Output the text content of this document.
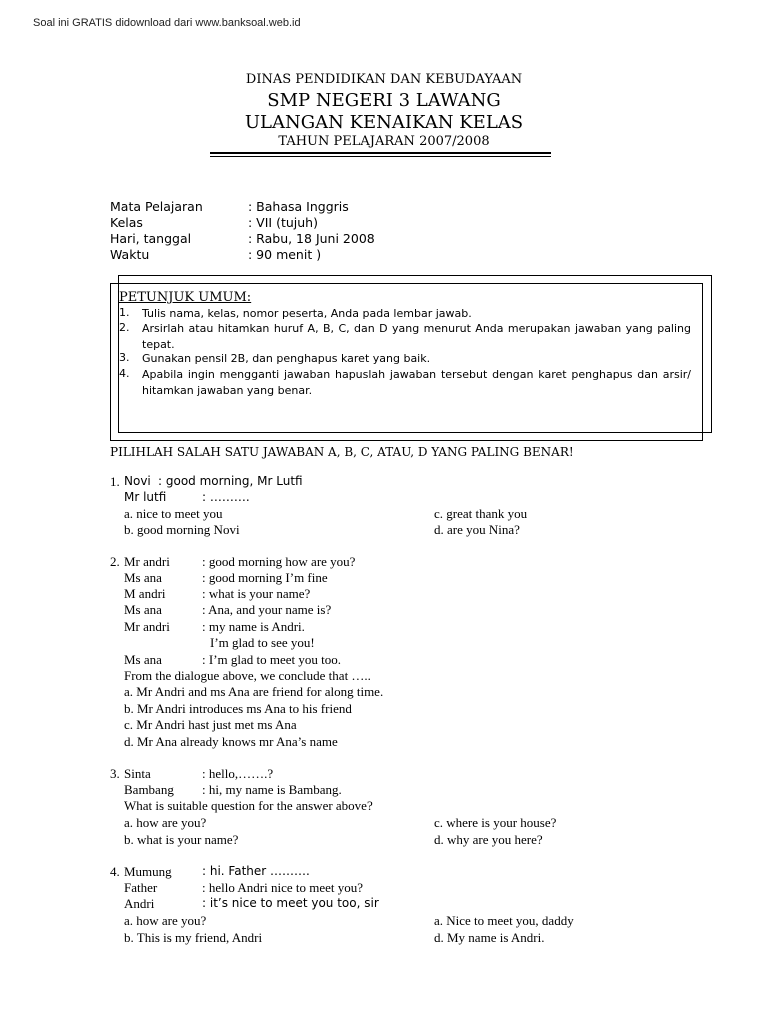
Soal ini GRATIS didownload dari www.banksoal.web.id
DINAS PENDIDIKAN DAN KEBUDAYAAN
SMP NEGERI 3 LAWANG
ULANGAN KENAIKAN KELAS
TAHUN PELAJARAN 2007/2008
Mata Pelajaran	: Bahasa Inggris
Kelas	: VII (tujuh)
Hari, tanggal	: Rabu, 18 Juni 2008
Waktu	: 90 menit )
PETUNJUK UMUM:
1. Tulis nama, kelas, nomor peserta, Anda pada lembar jawab.
2. Arsirlah atau hitamkan huruf A, B, C, dan D yang menurut Anda merupakan jawaban yang paling tepat.
3. Gunakan pensil 2B, dan penghapus karet yang baik.
4. Apabila ingin mengganti jawaban hapuslah jawaban tersebut dengan karet penghapus dan arsir/ hitamkan jawaban yang benar.
PILIHLAH SALAH SATU JAWABAN A, B, C, ATAU, D YANG PALING BENAR!
1. Novi : good morning, Mr Lutfi
Mr lutfi	: ……….
a. nice to meet you
b. good morning Novi
c. great thank you
d. are you Nina?
2. Mr andri : good morning how are you?
Ms ana	: good morning I’m fine
M andri	: what is your name?
Ms ana	: Ana, and your name is?
Mr andri : my name is Andri.
I’m glad to see you!
Ms ana	: I’m glad to meet you too.
From the dialogue above, we conclude that …..
a. Mr Andri and ms Ana are friend for along time.
b. Mr Andri introduces ms Ana to his friend
c. Mr Andri hast just met ms Ana
d. Mr Ana already knows mr Ana’s name
3. Sinta	: hello,…….?
Bambang : hi, my name is Bambang.
What is suitable question for the answer above?
a. how are you?
b. what is your name?
c. where is your house?
d. why are you here?
4. Mumung	: hi. Father ……….
Father	: hello Andri nice to meet you?
Andri	: it’s nice to meet you too, sir
a. how are you?
b. This is my friend, Andri
a. Nice to meet you, daddy
d. My name is Andri.
